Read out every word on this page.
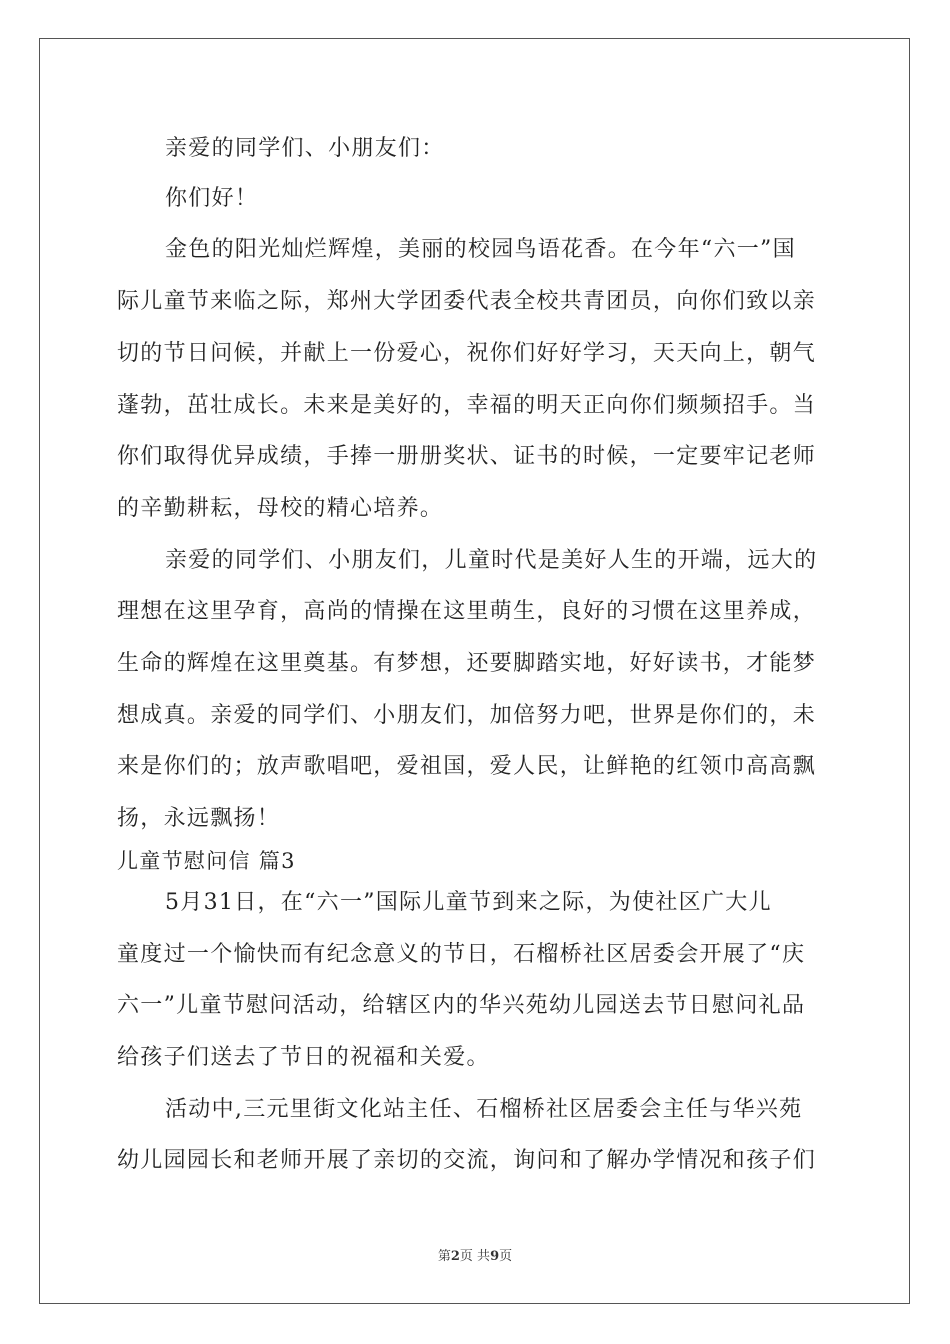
亲爱的同学们、小朋友们：
你们好！
金色的阳光灿烂辉煌，美丽的校园鸟语花香。在今年“六一”国
际儿童节来临之际，郑州大学团委代表全校共青团员，向你们致以亲
切的节日问候，并献上一份爱心，祝你们好好学习，天天向上，朝气
蓬勃，茁壮成长。未来是美好的，幸福的明天正向你们频频招手。当
你们取得优异成绩，手捧一册册奖状、证书的时候，一定要牢记老师
的辛勤耕耘，母校的精心培养。
亲爱的同学们、小朋友们，儿童时代是美好人生的开端，远大的
理想在这里孕育，高尚的情操在这里萌生，良好的习惯在这里养成，
生命的辉煌在这里奠基。有梦想，还要脚踏实地，好好读书，才能梦
想成真。亲爱的同学们、小朋友们，加倍努力吧，世界是你们的，未
来是你们的；放声歌唱吧，爱祖国，爱人民，让鲜艳的红领巾高高飘
扬，永远飘扬！
儿童节慰问信 篇3
5月31日，在“六一”国际儿童节到来之际，为使社区广大儿
童度过一个愉快而有纪念意义的节日，石榴桥社区居委会开展了“庆
六一”儿童节慰问活动，给辖区内的华兴苑幼儿园送去节日慰问礼品
给孩子们送去了节日的祝福和关爱。
活动中,三元里街文化站主任、石榴桥社区居委会主任与华兴苑
幼儿园园长和老师开展了亲切的交流，询问和了解办学情况和孩子们
第2页 共9页
